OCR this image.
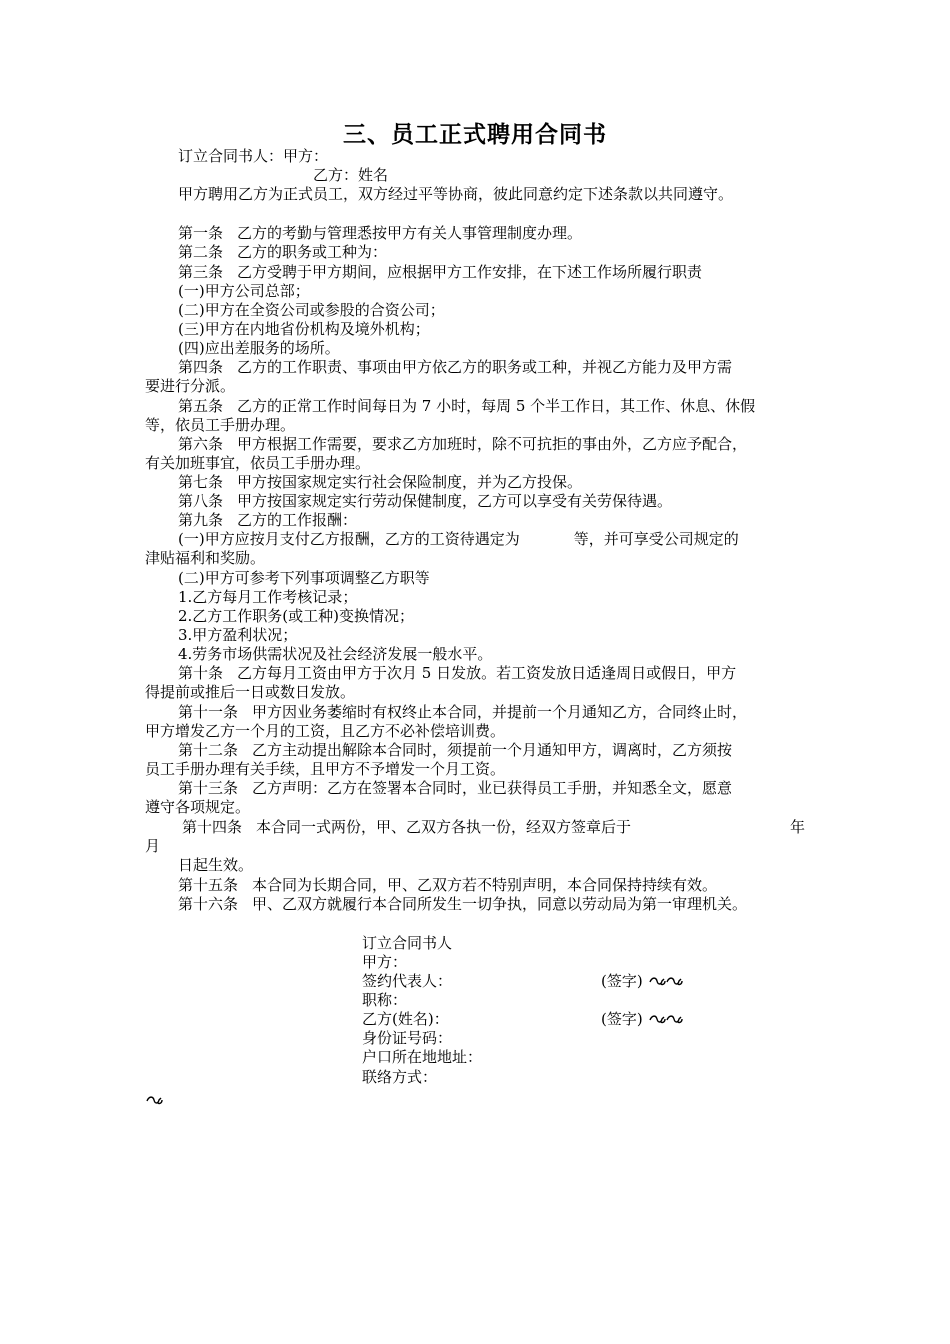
三、员工正式聘用合同书
订立合同书人：甲方：
乙方：姓名
甲方聘用乙方为正式员工，双方经过平等协商，彼此同意约定下述条款以共同遵守。
第一条 乙方的考勤与管理悉按甲方有关人事管理制度办理。
第二条 乙方的职务或工种为：
第三条 乙方受聘于甲方期间，应根据甲方工作安排，在下述工作场所履行职责
(一)甲方公司总部；
(二)甲方在全资公司或参股的合资公司；
(三)甲方在内地省份机构及境外机构；
(四)应出差服务的场所。
第四条 乙方的工作职责、事项由甲方依乙方的职务或工种，并视乙方能力及甲方需
要进行分派。
第五条 乙方的正常工作时间每日为 7 小时，每周 5 个半工作日，其工作、休息、休假
等，依员工手册办理。
第六条 甲方根据工作需要，要求乙方加班时，除不可抗拒的事由外，乙方应予配合，
有关加班事宜，依员工手册办理。
第七条 甲方按国家规定实行社会保险制度，并为乙方投保。
第八条 甲方按国家规定实行劳动保健制度，乙方可以享受有关劳保待遇。
第九条 乙方的工作报酬：
(一)甲方应按月支付乙方报酬，乙方的工资待遇定为	等，并可享受公司规定的
津贴福利和奖励。
(二)甲方可参考下列事项调整乙方职等
1.乙方每月工作考核记录；
2.乙方工作职务(或工种)变换情况；
3.甲方盈利状况；
4.劳务市场供需状况及社会经济发展一般水平。
第十条 乙方每月工资由甲方于次月 5 日发放。若工资发放日适逢周日或假日，甲方
得提前或推后一日或数日发放。
第十一条 甲方因业务萎缩时有权终止本合同，并提前一个月通知乙方，合同终止时，
甲方增发乙方一个月的工资，且乙方不必补偿培训费。
第十二条 乙方主动提出解除本合同时，须提前一个月通知甲方，调离时，乙方须按
员工手册办理有关手续，且甲方不予增发一个月工资。
第十三条 乙方声明：乙方在签署本合同时，业已获得员工手册，并知悉全文，愿意
遵守各项规定。
第十四条 本合同一式两份，甲、乙双方各执一份，经双方签章后于	年
月
日起生效。
第十五条 本合同为长期合同，甲、乙双方若不特别声明，本合同保持持续有效。
第十六条 甲、乙双方就履行本合同所发生一切争执，同意以劳动局为第一审理机关。
订立合同书人
甲方：
签约代表人：	(签字)
职称：
乙方(姓名)：	(签字)
身份证号码：
户口所在地地址：
联络方式：
